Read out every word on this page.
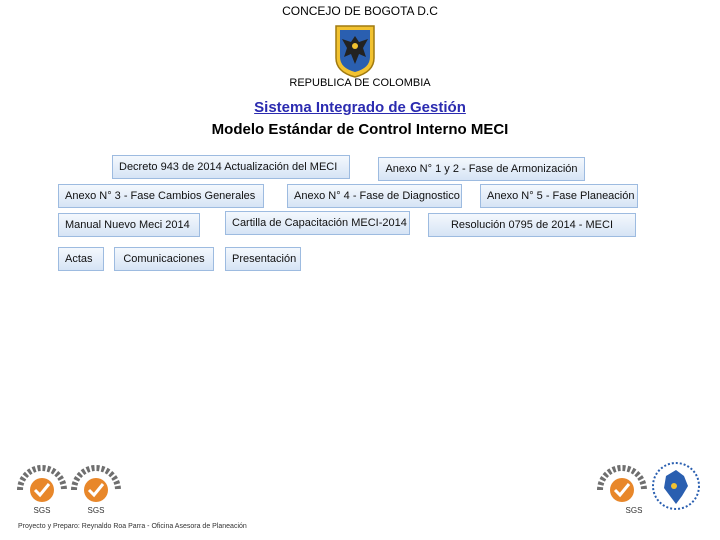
CONCEJO DE BOGOTA D.C
REPUBLICA DE COLOMBIA
Sistema Integrado de Gestión
Modelo Estándar de Control Interno MECI
Decreto 943 de 2014 Actualización del MECI	Anexo N° 1 y 2 - Fase de Armonización
Anexo N° 3 - Fase Cambios Generales	Anexo N° 4 - Fase de Diagnostico	Anexo N° 5 - Fase Planeación
Manual Nuevo Meci 2014	Cartilla de Capacitación MECI-2014	Resolución 0795 de 2014 - MECI
Actas	Comunicaciones	Presentación
SGS	SGS	SGS
Proyecto y Preparo: Reynaldo Roa Parra - Oficina Asesora de Planeación
